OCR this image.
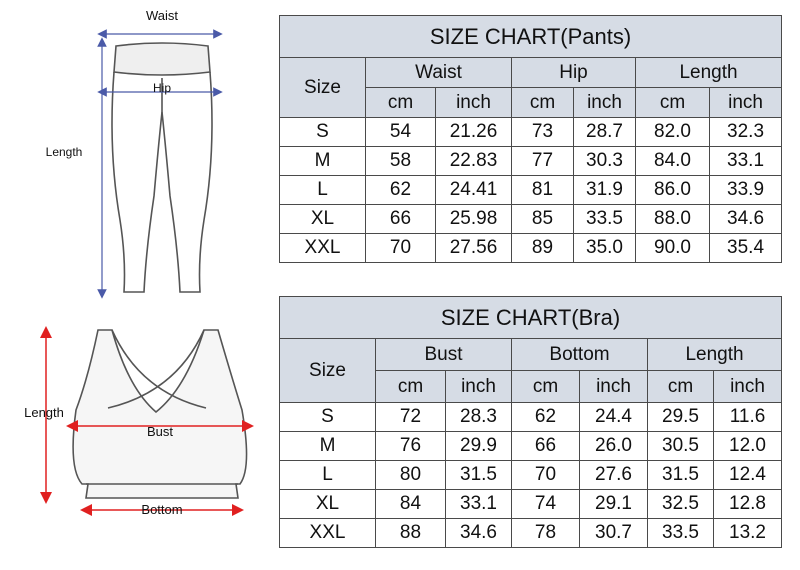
Waist
Length
Hip
Length
Bust
Bottom
SIZE CHART(Pants)						
Size	Waist		Hip		Length	
	cm	inch	cm	inch	cm	inch
S	54	21.26	73	28.7	82.0	32.3
M	58	22.83	77	30.3	84.0	33.1
L	62	24.41	81	31.9	86.0	33.9
XL	66	25.98	85	33.5	88.0	34.6
XXL	70	27.56	89	35.0	90.0	35.4
SIZE CHART(Bra)						
Size	Bust		Bottom		Length	
	cm	inch	cm	inch	cm	inch
S	72	28.3	62	24.4	29.5	11.6
M	76	29.9	66	26.0	30.5	12.0
L	80	31.5	70	27.6	31.5	12.4
XL	84	33.1	74	29.1	32.5	12.8
XXL	88	34.6	78	30.7	33.5	13.2
